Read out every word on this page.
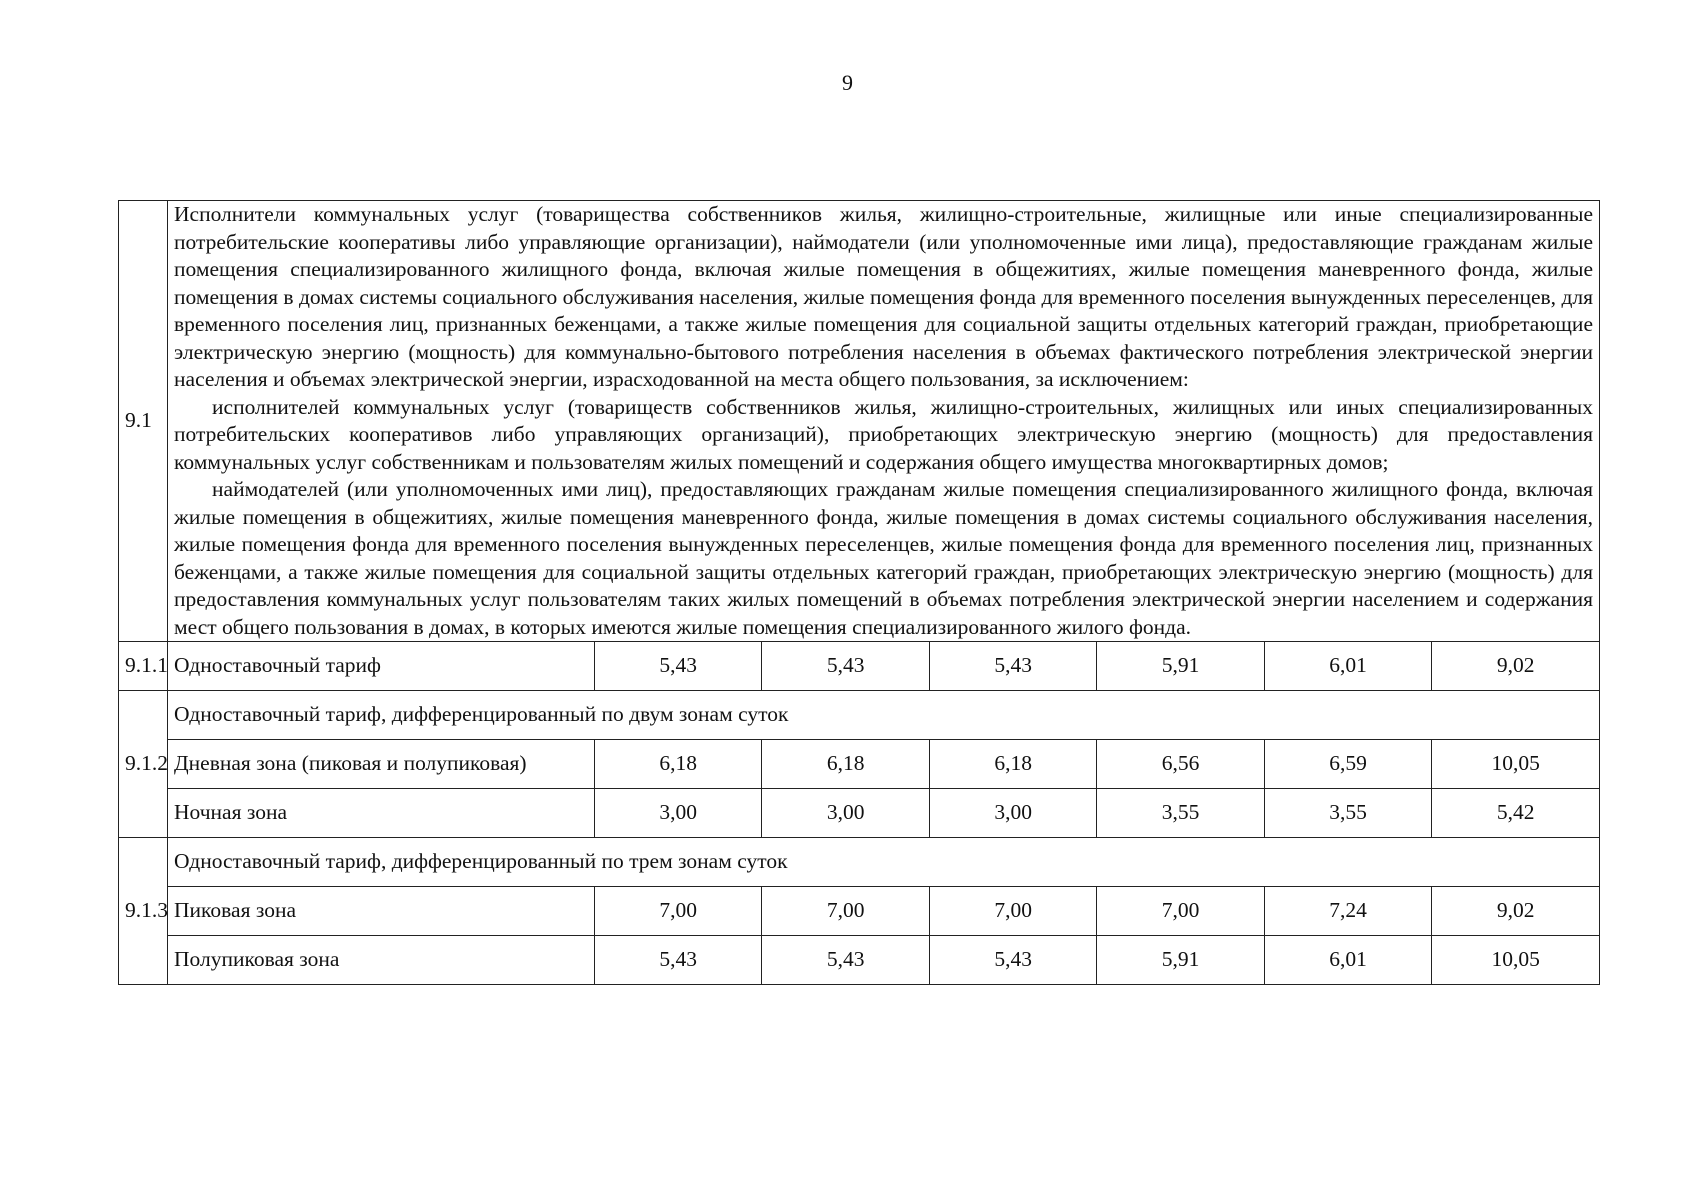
9
9.1	Исполнители коммунальных услуг (товарищества собственников жилья, жилищно-строительные, жилищные или иные специализированные потребительские кооперативы либо управляющие организации), наймодатели (или уполномоченные ими лица), предоставляющие гражданам жилые помещения специализированного жилищного фонда, включая жилые помещения в общежитиях, жилые помещения маневренного фонда, жилые помещения в домах системы социального обслуживания населения, жилые помещения фонда для временного поселения вынужденных переселенцев, для временного поселения лиц, признанных беженцами, а также жилые помещения для социальной защиты отдельных категорий граждан, приобретающие электрическую энергию (мощность) для коммунально-бытового потребления населения в объемах фактического потребления электрической энергии населения и объемах электрической энергии, израсходованной на места общего пользования, за исключением:

исполнителей коммунальных услуг (товариществ собственников жилья, жилищно-строительных, жилищных или иных специализированных потребительских кооперативов либо управляющих организаций), приобретающих электрическую энергию (мощность) для предоставления коммунальных услуг собственникам и пользователям жилых помещений и содержания общего имущества многоквартирных домов;

наймодателей (или уполномоченных ими лиц), предоставляющих гражданам жилые помещения специализированного жилищного фонда, включая жилые помещения в общежитиях, жилые помещения маневренного фонда, жилые помещения в домах системы социального обслуживания населения, жилые помещения фонда для временного поселения вынужденных переселенцев, жилые помещения фонда для временного поселения лиц, признанных беженцами, а также жилые помещения для социальной защиты отдельных категорий граждан, приобретающих электрическую энергию (мощность) для предоставления коммунальных услуг пользователям таких жилых помещений в объемах потребления электрической энергии населением и содержания мест общего пользования в домах, в которых имеются жилые помещения специализированного жилого фонда.						

9.1.1	Одноставочный тариф	5,43	5,43	5,43	5,91	6,01	9,02
9.1.2	Одноставочный тариф, дифференцированный по двум зонам суток						
	Дневная зона (пиковая и полупиковая)	6,18	6,18	6,18	6,56	6,59	10,05
	Ночная зона	3,00	3,00	3,00	3,55	3,55	5,42
9.1.3	Одноставочный тариф, дифференцированный по трем зонам суток						
	Пиковая зона	7,00	7,00	7,00	7,00	7,24	9,02
	Полупиковая зона	5,43	5,43	5,43	5,91	6,01	10,05
